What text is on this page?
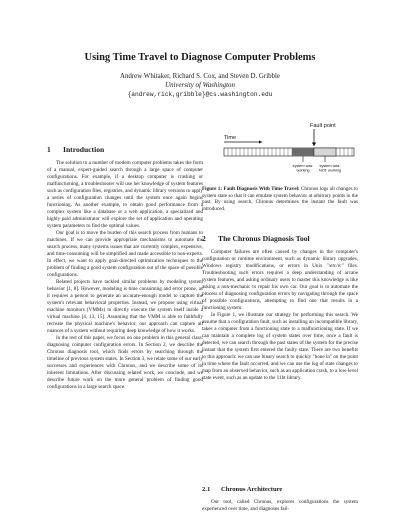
Using Time Travel to Diagnose Computer Problems
Andrew Whitaker, Richard S. Cox, and Steven D. Gribble
University of Washington
{andrew,rick,gribble}@cs.washington.edu
1 Introduction

The solution to a number of modern computer problems takes the form of a manual, expert-guided search through a large space of computer configurations. For example, if a desktop computer is crashing or malfunctioning, a troubleshooter will use her knowledge of system features such as configuration files, registries, and dynamic library versions to apply a series of configuration changes until the system once again begins functioning. As another example, to obtain good performance from a complex system like a database or a web application, a specialized and highly paid administrator will explore the set of application and operating system parameters to find the optimal values.

Our goal is to move the burden of this search process from humans to machines. If we can provide appropriate mechanisms to automate the search process, many systems issues that are currently complex, expensive, and time-consuming will be simplified and made accessible to non-experts. In effect, we want to apply goal-directed optimization techniques to the problem of finding a good system configuration out of the space of possible configurations.

Related projects have tackled similar problems by modeling system behavior [1, 8]. However, modeling is time consuming and error prone, as it requires a person to generate an accurate-enough model to capture the system's relevant behavioral properties. Instead, we propose using virtual machine monitors (VMMs) to directly execute the system itself inside a virtual machine [4, 13, 15]. Assuming that the VMM is able to faithfully recreate the physical machine's behavior, our approach can capture all nuances of a system without requiring deep knowledge of how it works.

In the rest of this paper, we focus on one problem in this general class: diagnosing computer configuration errors. In Section 2, we describe the Chronus diagnosis tool, which finds errors by searching through the timeline of previous system states. In Section 3, we relate some of our early successes and experiences with Chronus, and we describe some of its inherent limitations. After discussing related work, we conclude, and we describe future work on the more general problem of finding good configurations in a large search space.

Fault point
Time
system was working
system was NOT working
Figure 1: Fault Diagnosis With Time Travel: Chronus logs all changes to system state so that it can emulate system behavior at arbitrary points in the past. By using search, Chronus determines the instant the fault was introduced.
2 The Chronus Diagnosis Tool

Computer failures are often caused by changes in the computer's configuration or runtime environment, such as dynamic library upgrades, Windows registry modifications, or errors in Unix "/etc/rc" files. Troubleshooting such errors requires a deep understanding of arcane system features, and asking ordinary users to master this knowledge is like asking a non-mechanic to repair his own car. Our goal is to automate the process of diagnosing configuration errors by navigating through the space of possible configurations, attempting to find one that results in a functioning system.

In Figure 1, we illustrate our strategy for performing this search. We assume that a configuration fault, such as installing an incompatible library, takes a computer from a functioning state to a malfunctioning state. If we can maintain a complete log of system states over time, once a fault is detected, we can search through the past states of the system for the precise instant that the system first entered the faulty state. There are two benefits to this approach: we can use binary search to quickly "hone in" on the point in time where the fault occurred, and we can use the log of state changes to map from an observed behavior, such as an application crash, to a low-level state event, such as an update to the 11bt library.

2.1 Chronus Architecture

Our tool, called Chronus, explores configurations the system experienced over time, and diagnoses fail-
